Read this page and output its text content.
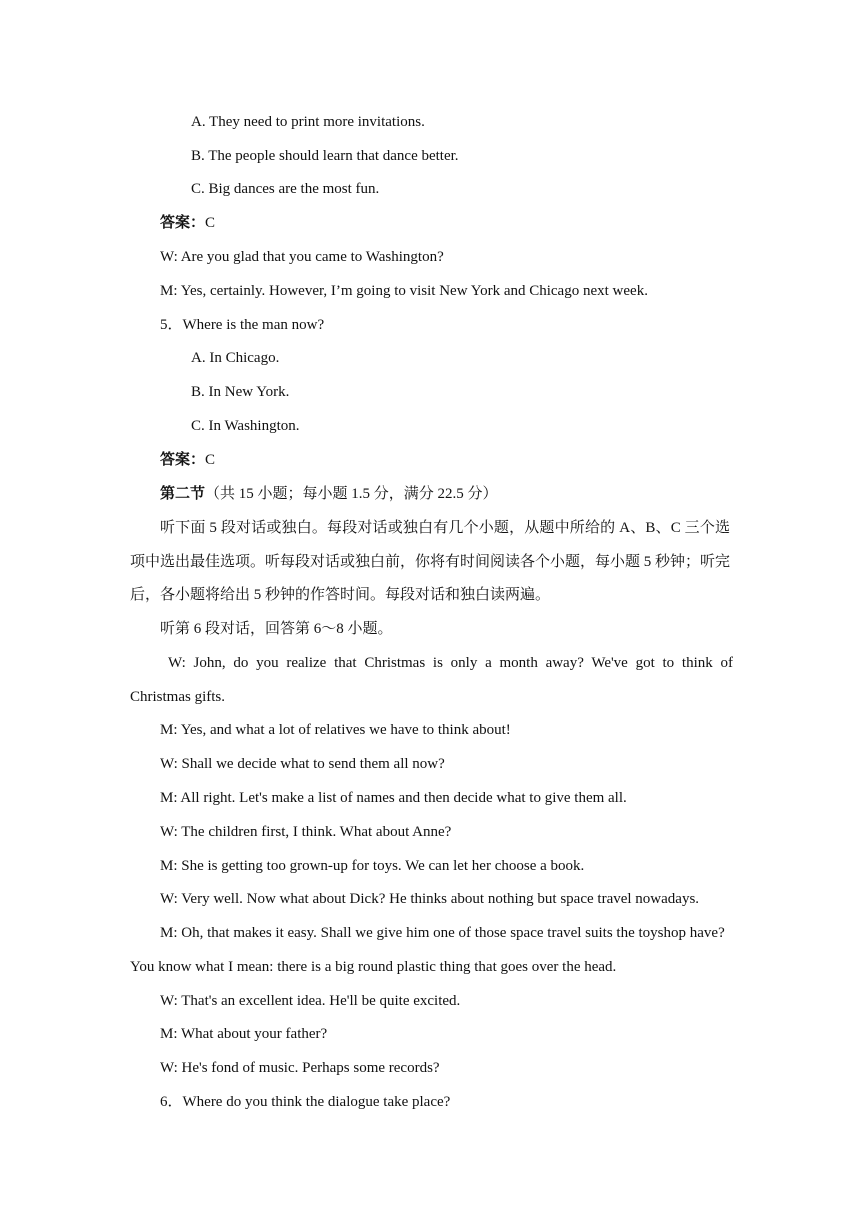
A. They need to print more invitations.
B. The people should learn that dance better.
C. Big dances are the most fun.
答案：C
W: Are you glad that you came to Washington?
M: Yes, certainly. However, I’m going to visit New York and Chicago next week.
5．Where is the man now?
A. In Chicago.
B. In New York.
C. In Washington.
答案：C
第二节（共 15 小题；每小题 1.5 分，满分 22.5 分）
听下面 5 段对话或独白。每段对话或独白有几个小题，从题中所给的 A、B、C 三个选
项中选出最佳选项。听每段对话或独白前，你将有时间阅读各个小题，每小题 5 秒钟；听完
后，各小题将给出 5 秒钟的作答时间。每段对话和独白读两遍。
听第 6 段对话，回答第 6～8 小题。
W: John, do you realize that Christmas is only a month away? We've got to think of
Christmas gifts.
M: Yes, and what a lot of relatives we have to think about!
W: Shall we decide what to send them all now?
M: All right. Let's make a list of names and then decide what to give them all.
W: The children first, I think. What about Anne?
M: She is getting too grown-up for toys. We can let her choose a book.
W: Very well. Now what about Dick? He thinks about nothing but space travel nowadays.
M: Oh, that makes it easy. Shall we give him one of those space travel suits the toyshop have?
You know what I mean: there is a big round plastic thing that goes over the head.
W: That's an excellent idea. He'll be quite excited.
M: What about your father?
W: He's fond of music. Perhaps some records?
6．Where do you think the dialogue take place?
